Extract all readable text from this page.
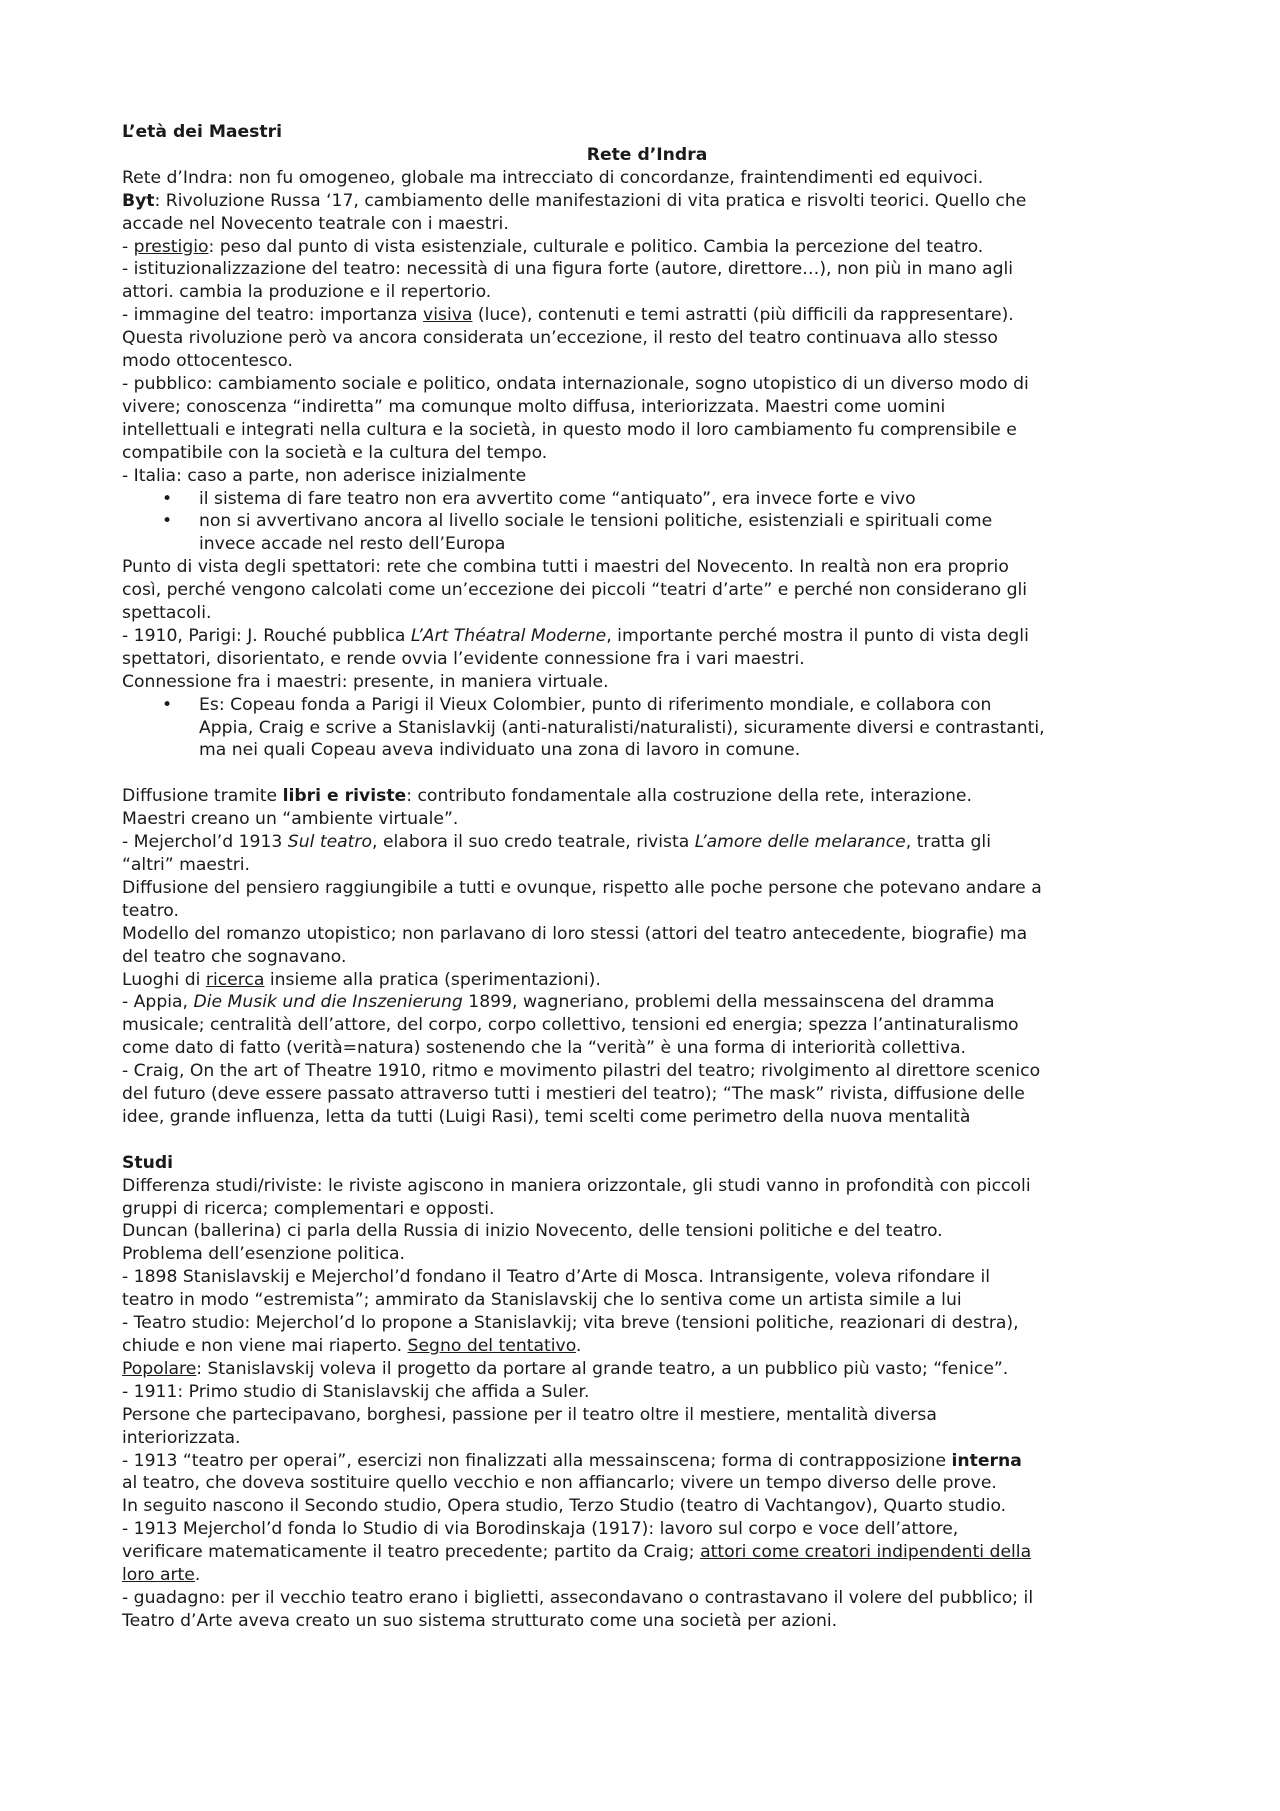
L’età dei Maestri

Rete d’Indra

Rete d’Indra: non fu omogeneo, globale ma intrecciato di concordanze, fraintendimenti ed equivoci.

Byt: Rivoluzione Russa ‘17, cambiamento delle manifestazioni di vita pratica e risvolti teorici. Quello che

accade nel Novecento teatrale con i maestri.

- prestigio: peso dal punto di vista esistenziale, culturale e politico. Cambia la percezione del teatro.

- istituzionalizzazione del teatro: necessità di una figura forte (autore, direttore…), non più in mano agli

attori. cambia la produzione e il repertorio.

- immagine del teatro: importanza visiva (luce), contenuti e temi astratti (più difficili da rappresentare).

Questa rivoluzione però va ancora considerata un’eccezione, il resto del teatro continuava allo stesso

modo ottocentesco.

- pubblico: cambiamento sociale e politico, ondata internazionale, sogno utopistico di un diverso modo di

vivere; conoscenza “indiretta” ma comunque molto diffusa, interiorizzata. Maestri come uomini

intellettuali e integrati nella cultura e la società, in questo modo il loro cambiamento fu comprensibile e

compatibile con la società e la cultura del tempo.

- Italia: caso a parte, non aderisce inizialmente

• il sistema di fare teatro non era avvertito come “antiquato”, era invece forte e vivo

• non si avvertivano ancora al livello sociale le tensioni politiche, esistenziali e spirituali come

invece accade nel resto dell’Europa

Punto di vista degli spettatori: rete che combina tutti i maestri del Novecento. In realtà non era proprio

così, perché vengono calcolati come un’eccezione dei piccoli “teatri d’arte” e perché non considerano gli

spettacoli.

- 1910, Parigi: J. Rouché pubblica L’Art Théatral Moderne, importante perché mostra il punto di vista degli

spettatori, disorientato, e rende ovvia l’evidente connessione fra i vari maestri.

Connessione fra i maestri: presente, in maniera virtuale.

• Es: Copeau fonda a Parigi il Vieux Colombier, punto di riferimento mondiale, e collabora con

Appia, Craig e scrive a Stanislavkij (anti-naturalisti/naturalisti), sicuramente diversi e contrastanti,

ma nei quali Copeau aveva individuato una zona di lavoro in comune.

Diffusione tramite libri e riviste: contributo fondamentale alla costruzione della rete, interazione.

Maestri creano un “ambiente virtuale”.

- Mejerchol’d 1913 Sul teatro, elabora il suo credo teatrale, rivista L’amore delle melarance, tratta gli

“altri” maestri.

Diffusione del pensiero raggiungibile a tutti e ovunque, rispetto alle poche persone che potevano andare a

teatro.

Modello del romanzo utopistico; non parlavano di loro stessi (attori del teatro antecedente, biografie) ma

del teatro che sognavano.

Luoghi di ricerca insieme alla pratica (sperimentazioni).

- Appia, Die Musik und die Inszenierung 1899, wagneriano, problemi della messainscena del dramma

musicale; centralità dell’attore, del corpo, corpo collettivo, tensioni ed energia; spezza l’antinaturalismo

come dato di fatto (verità=natura) sostenendo che la “verità” è una forma di interiorità collettiva.

- Craig, On the art of Theatre 1910, ritmo e movimento pilastri del teatro; rivolgimento al direttore scenico

del futuro (deve essere passato attraverso tutti i mestieri del teatro); “The mask” rivista, diffusione delle

idee, grande influenza, letta da tutti (Luigi Rasi), temi scelti come perimetro della nuova mentalità

Studi

Differenza studi/riviste: le riviste agiscono in maniera orizzontale, gli studi vanno in profondità con piccoli

gruppi di ricerca; complementari e opposti.

Duncan (ballerina) ci parla della Russia di inizio Novecento, delle tensioni politiche e del teatro.

Problema dell’esenzione politica.

- 1898 Stanislavskij e Mejerchol’d fondano il Teatro d’Arte di Mosca. Intransigente, voleva rifondare il

teatro in modo “estremista”; ammirato da Stanislavskij che lo sentiva come un artista simile a lui

- Teatro studio: Mejerchol’d lo propone a Stanislavkij; vita breve (tensioni politiche, reazionari di destra),

chiude e non viene mai riaperto. Segno del tentativo.

Popolare: Stanislavskij voleva il progetto da portare al grande teatro, a un pubblico più vasto; “fenice”.

- 1911: Primo studio di Stanislavskij che affida a Suler.

Persone che partecipavano, borghesi, passione per il teatro oltre il mestiere, mentalità diversa

interiorizzata.

- 1913 “teatro per operai”, esercizi non finalizzati alla messainscena; forma di contrapposizione interna

al teatro, che doveva sostituire quello vecchio e non affiancarlo; vivere un tempo diverso delle prove.

In seguito nascono il Secondo studio, Opera studio, Terzo Studio (teatro di Vachtangov), Quarto studio.

- 1913 Mejerchol’d fonda lo Studio di via Borodinskaja (1917): lavoro sul corpo e voce dell’attore,

verificare matematicamente il teatro precedente; partito da Craig; attori come creatori indipendenti della

loro arte.

- guadagno: per il vecchio teatro erano i biglietti, assecondavano o contrastavano il volere del pubblico; il

Teatro d’Arte aveva creato un suo sistema strutturato come una società per azioni.
